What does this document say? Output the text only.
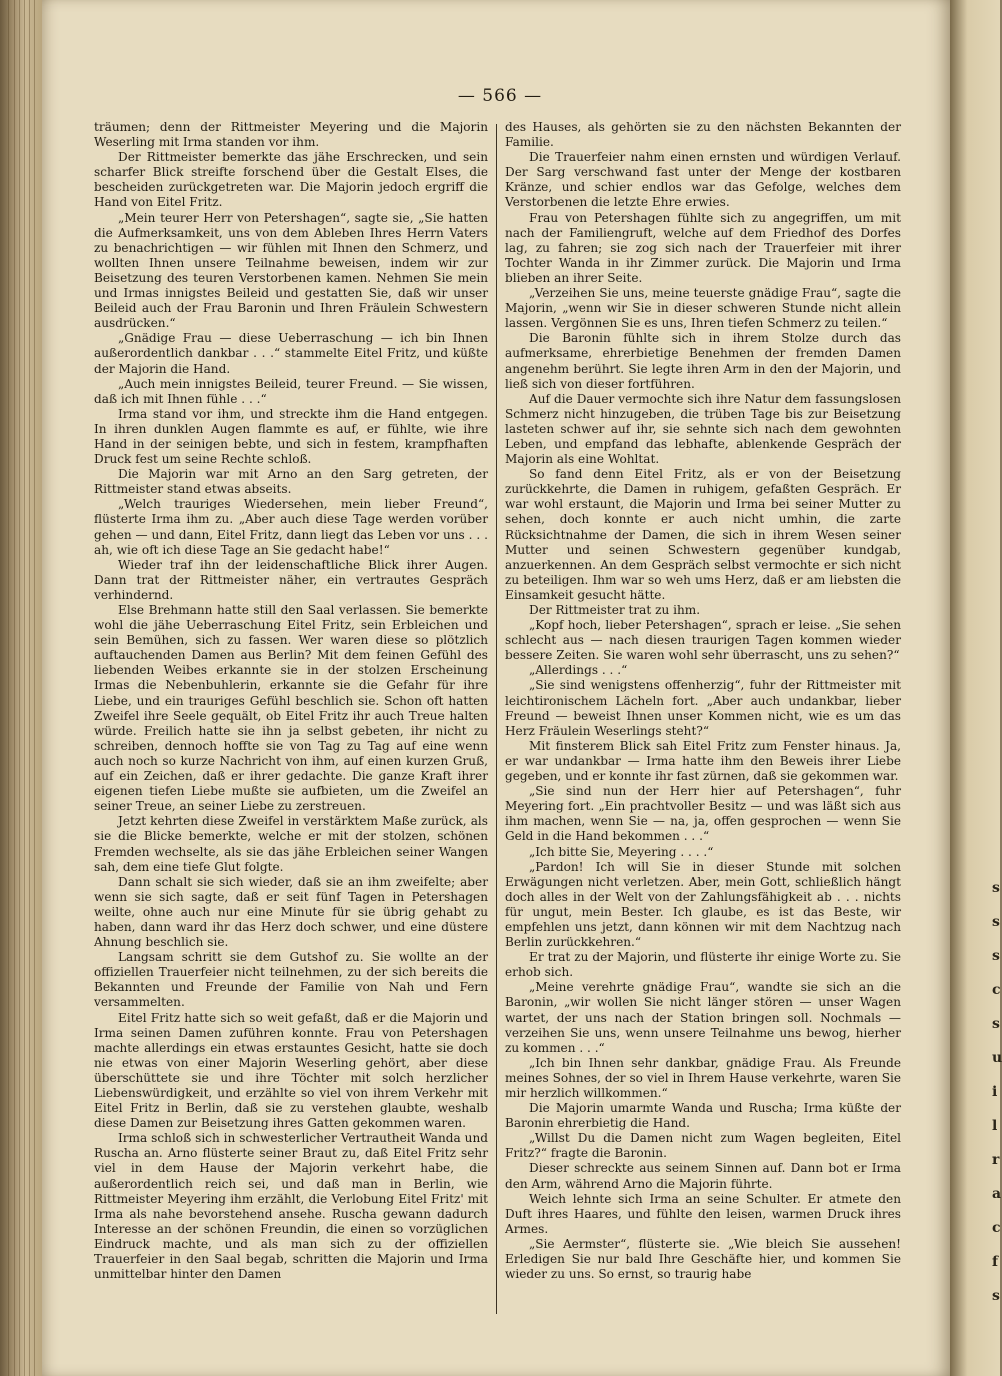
s
s
s
c
s
u
i
l
r
a
c
f
s
— 566 —

träumen; denn der Rittmeister Meyering und die Majorin Weserling mit Irma standen vor ihm.

Der Rittmeister bemerkte das jähe Erschrecken, und sein scharfer Blick streifte forschend über die Gestalt Elses, die bescheiden zurückgetreten war. Die Majorin jedoch ergriff die Hand von Eitel Fritz.

„Mein teurer Herr von Petershagen“, sagte sie, „Sie hatten die Aufmerksamkeit, uns von dem Ableben Ihres Herrn Vaters zu benachrichtigen — wir fühlen mit Ihnen den Schmerz, und wollten Ihnen unsere Teilnahme beweisen, indem wir zur Beisetzung des teuren Verstorbenen kamen. Nehmen Sie mein und Irmas innigstes Beileid und gestatten Sie, daß wir unser Beileid auch der Frau Baronin und Ihren Fräulein Schwestern ausdrücken.“

„Gnädige Frau — diese Ueberraschung — ich bin Ihnen außerordentlich dankbar . . .“ stammelte Eitel Fritz, und küßte der Majorin die Hand.

„Auch mein innigstes Beileid, teurer Freund. — Sie wissen, daß ich mit Ihnen fühle . . .“

Irma stand vor ihm, und streckte ihm die Hand entgegen. In ihren dunklen Augen flammte es auf, er fühlte, wie ihre Hand in der seinigen bebte, und sich in festem, krampfhaften Druck fest um seine Rechte schloß.

Die Majorin war mit Arno an den Sarg getreten, der Rittmeister stand etwas abseits.

„Welch trauriges Wiedersehen, mein lieber Freund“, flüsterte Irma ihm zu. „Aber auch diese Tage werden vorüber gehen — und dann, Eitel Fritz, dann liegt das Leben vor uns . . . ah, wie oft ich diese Tage an Sie gedacht habe!“

Wieder traf ihn der leidenschaftliche Blick ihrer Augen. Dann trat der Rittmeister näher, ein vertrautes Gespräch verhindernd.

Else Brehmann hatte still den Saal verlassen. Sie bemerkte wohl die jähe Ueberraschung Eitel Fritz, sein Erbleichen und sein Bemühen, sich zu fassen. Wer waren diese so plötzlich auftauchenden Damen aus Berlin? Mit dem feinen Gefühl des liebenden Weibes erkannte sie in der stolzen Erscheinung Irmas die Nebenbuhlerin, erkannte sie die Gefahr für ihre Liebe, und ein trauriges Gefühl beschlich sie. Schon oft hatten Zweifel ihre Seele gequält, ob Eitel Fritz ihr auch Treue halten würde. Freilich hatte sie ihn ja selbst gebeten, ihr nicht zu schreiben, dennoch hoffte sie von Tag zu Tag auf eine wenn auch noch so kurze Nachricht von ihm, auf einen kurzen Gruß, auf ein Zeichen, daß er ihrer gedachte. Die ganze Kraft ihrer eigenen tiefen Liebe mußte sie aufbieten, um die Zweifel an seiner Treue, an seiner Liebe zu zerstreuen.

Jetzt kehrten diese Zweifel in verstärktem Maße zurück, als sie die Blicke bemerkte, welche er mit der stolzen, schönen Fremden wechselte, als sie das jähe Erbleichen seiner Wangen sah, dem eine tiefe Glut folgte.

Dann schalt sie sich wieder, daß sie an ihm zweifelte; aber wenn sie sich sagte, daß er seit fünf Tagen in Petershagen weilte, ohne auch nur eine Minute für sie übrig gehabt zu haben, dann ward ihr das Herz doch schwer, und eine düstere Ahnung beschlich sie.

Langsam schritt sie dem Gutshof zu. Sie wollte an der offiziellen Trauerfeier nicht teilnehmen, zu der sich bereits die Bekannten und Freunde der Familie von Nah und Fern versammelten.

Eitel Fritz hatte sich so weit gefaßt, daß er die Majorin und Irma seinen Damen zuführen konnte. Frau von Petershagen machte allerdings ein etwas erstauntes Gesicht, hatte sie doch nie etwas von einer Majorin Weserling gehört, aber diese überschüttete sie und ihre Töchter mit solch herzlicher Liebenswürdigkeit, und erzählte so viel von ihrem Verkehr mit Eitel Fritz in Berlin, daß sie zu verstehen glaubte, weshalb diese Damen zur Beisetzung ihres Gatten gekommen waren.

Irma schloß sich in schwesterlicher Vertrautheit Wanda und Ruscha an. Arno flüsterte seiner Braut zu, daß Eitel Fritz sehr viel in dem Hause der Majorin verkehrt habe, die außerordentlich reich sei, und daß man in Berlin, wie Rittmeister Meyering ihm erzählt, die Verlobung Eitel Fritz' mit Irma als nahe bevorstehend ansehe. Ruscha gewann dadurch Interesse an der schönen Freundin, die einen so vorzüglichen Eindruck machte, und als man sich zu der offiziellen Trauerfeier in den Saal begab, schritten die Majorin und Irma unmittelbar hinter den Damen

des Hauses, als gehörten sie zu den nächsten Bekannten der Familie.

Die Trauerfeier nahm einen ernsten und würdigen Verlauf. Der Sarg verschwand fast unter der Menge der kostbaren Kränze, und schier endlos war das Gefolge, welches dem Verstorbenen die letzte Ehre erwies.

Frau von Petershagen fühlte sich zu angegriffen, um mit nach der Familiengruft, welche auf dem Friedhof des Dorfes lag, zu fahren; sie zog sich nach der Trauerfeier mit ihrer Tochter Wanda in ihr Zimmer zurück. Die Majorin und Irma blieben an ihrer Seite.

„Verzeihen Sie uns, meine teuerste gnädige Frau“, sagte die Majorin, „wenn wir Sie in dieser schweren Stunde nicht allein lassen. Vergönnen Sie es uns, Ihren tiefen Schmerz zu teilen.“

Die Baronin fühlte sich in ihrem Stolze durch das aufmerksame, ehrerbietige Benehmen der fremden Damen angenehm berührt. Sie legte ihren Arm in den der Majorin, und ließ sich von dieser fortführen.

Auf die Dauer vermochte sich ihre Natur dem fassungslosen Schmerz nicht hinzugeben, die trüben Tage bis zur Beisetzung lasteten schwer auf ihr, sie sehnte sich nach dem gewohnten Leben, und empfand das lebhafte, ablenkende Gespräch der Majorin als eine Wohltat.

So fand denn Eitel Fritz, als er von der Beisetzung zurückkehrte, die Damen in ruhigem, gefaßten Gespräch. Er war wohl erstaunt, die Majorin und Irma bei seiner Mutter zu sehen, doch konnte er auch nicht umhin, die zarte Rücksichtnahme der Damen, die sich in ihrem Wesen seiner Mutter und seinen Schwestern gegenüber kundgab, anzuerkennen. An dem Gespräch selbst vermochte er sich nicht zu beteiligen. Ihm war so weh ums Herz, daß er am liebsten die Einsamkeit gesucht hätte.

Der Rittmeister trat zu ihm.

„Kopf hoch, lieber Petershagen“, sprach er leise. „Sie sehen schlecht aus — nach diesen traurigen Tagen kommen wieder bessere Zeiten. Sie waren wohl sehr überrascht, uns zu sehen?“

„Allerdings . . .“

„Sie sind wenigstens offenherzig“, fuhr der Rittmeister mit leichtironischem Lächeln fort. „Aber auch undankbar, lieber Freund — beweist Ihnen unser Kommen nicht, wie es um das Herz Fräulein Weserlings steht?“

Mit finsterem Blick sah Eitel Fritz zum Fenster hinaus. Ja, er war undankbar — Irma hatte ihm den Beweis ihrer Liebe gegeben, und er konnte ihr fast zürnen, daß sie gekommen war.

„Sie sind nun der Herr hier auf Petershagen“, fuhr Meyering fort. „Ein prachtvoller Besitz — und was läßt sich aus ihm machen, wenn Sie — na, ja, offen gesprochen — wenn Sie Geld in die Hand bekommen . . .“

„Ich bitte Sie, Meyering . . . .“

„Pardon! Ich will Sie in dieser Stunde mit solchen Erwägungen nicht verletzen. Aber, mein Gott, schließlich hängt doch alles in der Welt von der Zahlungsfähigkeit ab . . . nichts für ungut, mein Bester. Ich glaube, es ist das Beste, wir empfehlen uns jetzt, dann können wir mit dem Nachtzug nach Berlin zurückkehren.“

Er trat zu der Majorin, und flüsterte ihr einige Worte zu. Sie erhob sich.

„Meine verehrte gnädige Frau“, wandte sie sich an die Baronin, „wir wollen Sie nicht länger stören — unser Wagen wartet, der uns nach der Station bringen soll. Nochmals — verzeihen Sie uns, wenn unsere Teilnahme uns bewog, hierher zu kommen . . .“

„Ich bin Ihnen sehr dankbar, gnädige Frau. Als Freunde meines Sohnes, der so viel in Ihrem Hause verkehrte, waren Sie mir herzlich willkommen.“

Die Majorin umarmte Wanda und Ruscha; Irma küßte der Baronin ehrerbietig die Hand.

„Willst Du die Damen nicht zum Wagen begleiten, Eitel Fritz?“ fragte die Baronin.

Dieser schreckte aus seinem Sinnen auf. Dann bot er Irma den Arm, während Arno die Majorin führte.

Weich lehnte sich Irma an seine Schulter. Er atmete den Duft ihres Haares, und fühlte den leisen, warmen Druck ihres Armes.

„Sie Aermster“, flüsterte sie. „Wie bleich Sie aussehen! Erledigen Sie nur bald Ihre Geschäfte hier, und kommen Sie wieder zu uns. So ernst, so traurig habe
